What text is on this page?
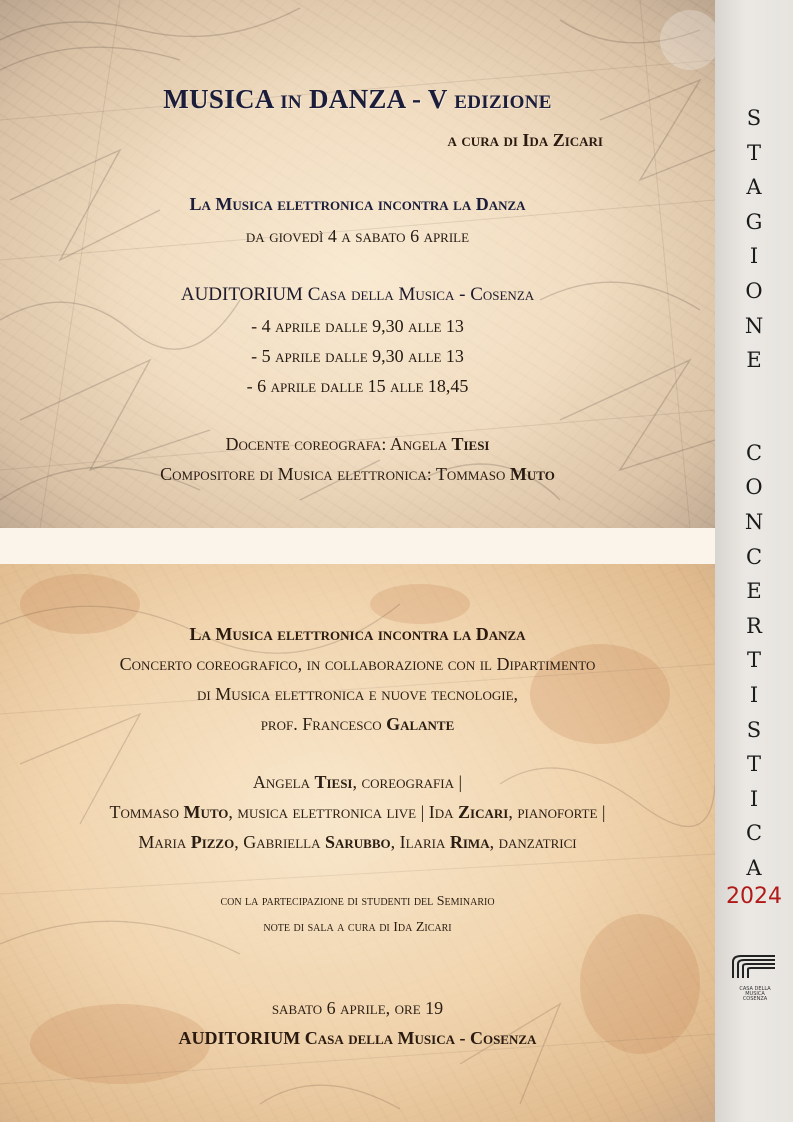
MUSICA in DANZA - V edizione
a cura di Ida Zicari
La Musica elettronica incontra la Danza
da giovedì 4 a sabato 6 aprile
AUDITORIUM Casa della Musica - Cosenza
- 4 aprile dalle 9,30 alle 13
- 5 aprile dalle 9,30 alle 13
- 6 aprile dalle 15 alle 18,45
Docente coreografa: Angela Tiesi
Compositore di Musica elettronica: Tommaso Muto
La Musica elettronica incontra la Danza
Concerto coreografico, in collaborazione con il Dipartimento
di Musica elettronica e nuove tecnologie,
prof. Francesco Galante
Angela Tiesi, coreografia |
Tommaso Muto, musica elettronica live | Ida Zicari, pianoforte |
Maria Pizzo, Gabriella Sarubbo, Ilaria Rima, danzatrici
con la partecipazione di studenti del Seminario
note di sala a cura di Ida Zicari
sabato 6 aprile, ore 19
AUDITORIUM Casa della Musica - Cosenza
S
T
A
G
I
O
N
E
C
O
N
C
E
R
T
I
S
T
I
C
A
2024
CASA DELLA
MUSICA
COSENZA
